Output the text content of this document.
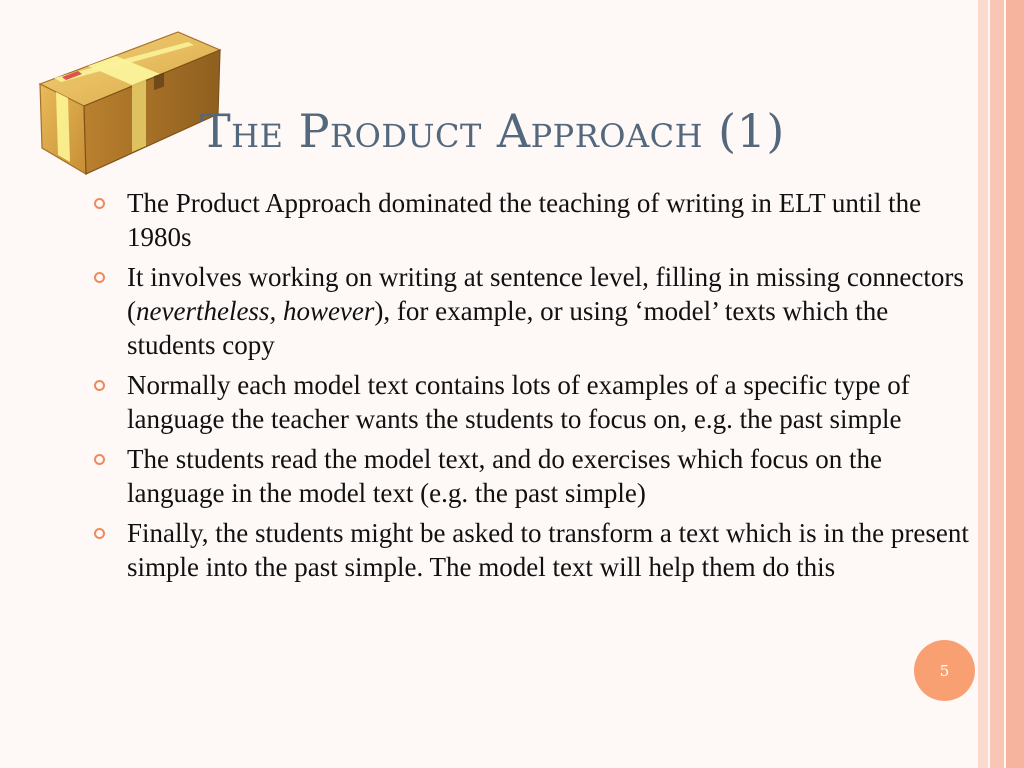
The Product Approach (1)
The Product Approach dominated the teaching of writing in ELT until the 1980s
It involves working on writing at sentence level, filling in missing connectors (nevertheless, however), for example, or using ‘model’ texts which the students copy
Normally each model text contains lots of examples of a specific type of language the teacher wants the students to focus on, e.g. the past simple
The students read the model text, and do exercises which focus on the language in the model text (e.g. the past simple)
Finally, the students might be asked to transform a text which is in the present simple into the past simple. The model text will help them do this
5
